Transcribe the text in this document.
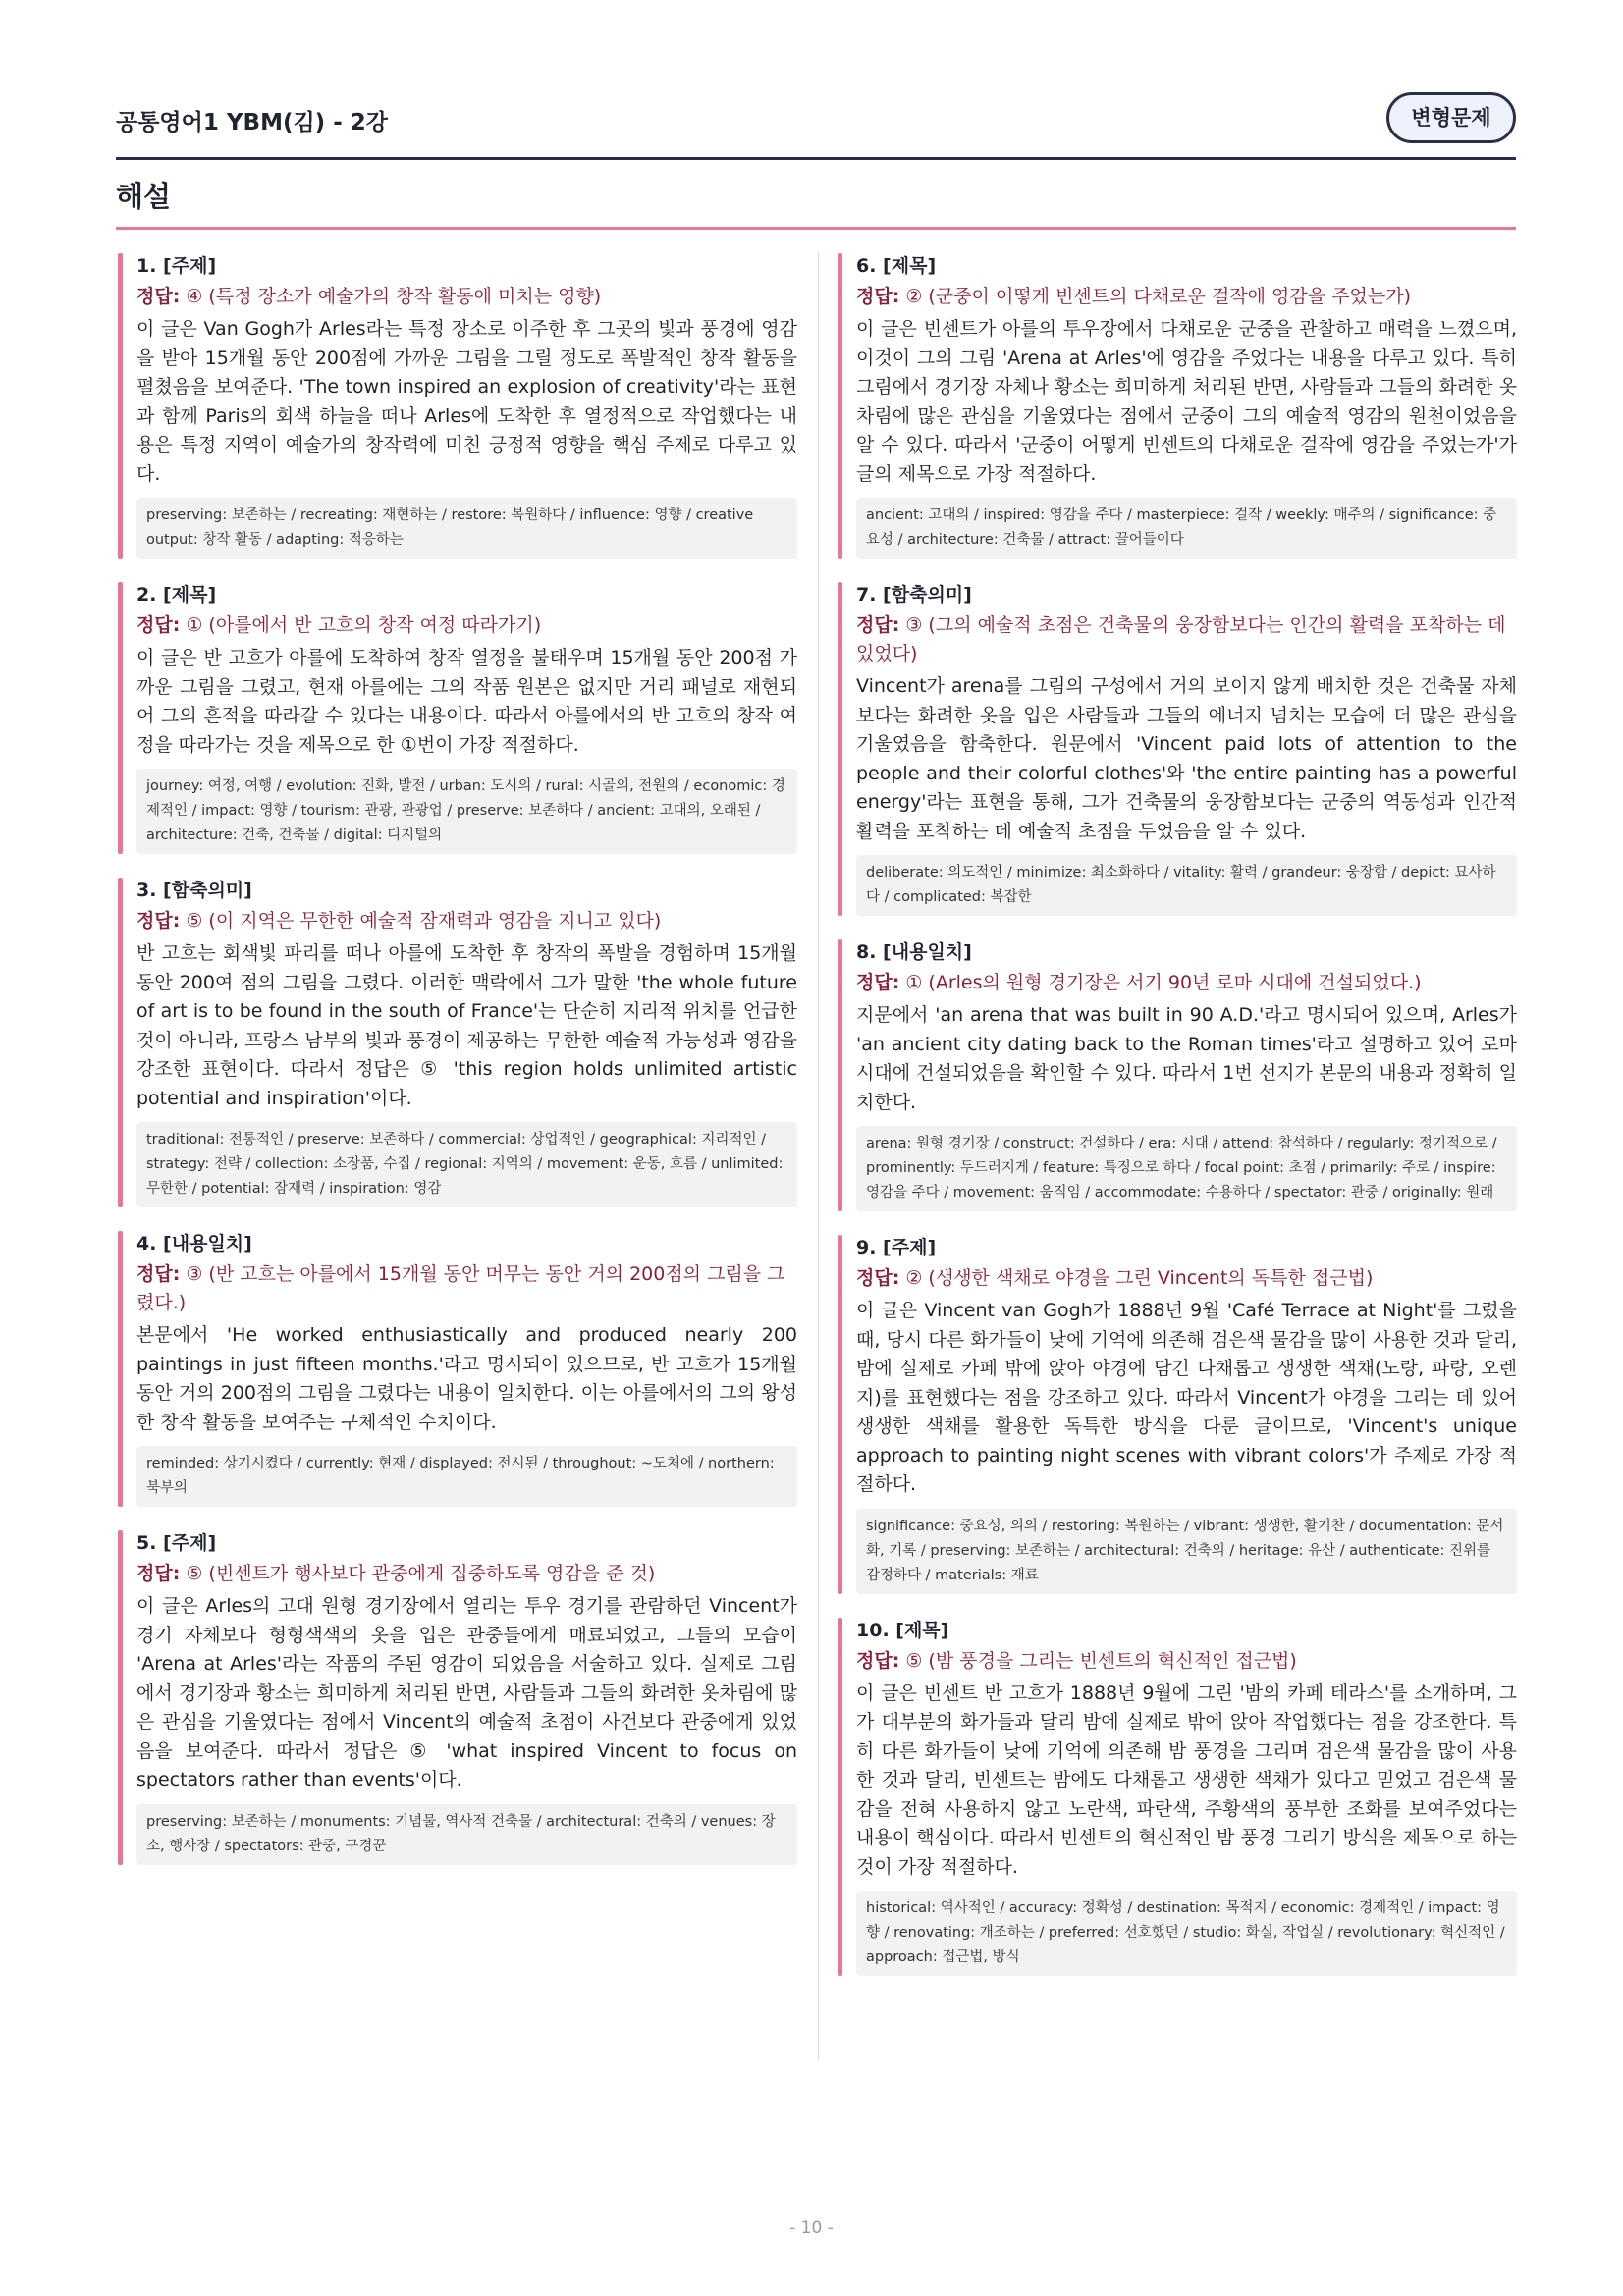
공통영어1 YBM(김) - 2강	변형문제
해설
1. [주제]
정답: ④ (특정 장소가 예술가의 창작 활동에 미치는 영향)
이 글은 Van Gogh가 Arles라는 특정 장소로 이주한 후 그곳의 빛과 풍경에 영감을 받아 15개월 동안 200점에 가까운 그림을 그릴 정도로 폭발적인 창작 활동을 펼쳤음을 보여준다. 'The town inspired an explosion of creativity'라는 표현과 함께 Paris의 회색 하늘을 떠나 Arles에 도착한 후 열정적으로 작업했다는 내용은 특정 지역이 예술가의 창작력에 미친 긍정적 영향을 핵심 주제로 다루고 있다.
preserving: 보존하는 / recreating: 재현하는 / restore: 복원하다 / influence: 영향 / creative output: 창작 활동 / adapting: 적응하는
2. [제목]
정답: ① (아를에서 반 고흐의 창작 여정 따라가기)
이 글은 반 고흐가 아를에 도착하여 창작 열정을 불태우며 15개월 동안 200점 가까운 그림을 그렸고, 현재 아를에는 그의 작품 원본은 없지만 거리 패널로 재현되어 그의 흔적을 따라갈 수 있다는 내용이다. 따라서 아를에서의 반 고흐의 창작 여정을 따라가는 것을 제목으로 한 ①번이 가장 적절하다.
journey: 여정, 여행 / evolution: 진화, 발전 / urban: 도시의 / rural: 시골의, 전원의 / economic: 경제적인 / impact: 영향 / tourism: 관광, 관광업 / preserve: 보존하다 / ancient: 고대의, 오래된 / architecture: 건축, 건축물 / digital: 디지털의
3. [함축의미]
정답: ⑤ (이 지역은 무한한 예술적 잠재력과 영감을 지니고 있다)
반 고흐는 회색빛 파리를 떠나 아를에 도착한 후 창작의 폭발을 경험하며 15개월 동안 200여 점의 그림을 그렸다. 이러한 맥락에서 그가 말한 'the whole future of art is to be found in the south of France'는 단순히 지리적 위치를 언급한 것이 아니라, 프랑스 남부의 빛과 풍경이 제공하는 무한한 예술적 가능성과 영감을 강조한 표현이다. 따라서 정답은 ⑤ 'this region holds unlimited artistic potential and inspiration'이다.
traditional: 전통적인 / preserve: 보존하다 / commercial: 상업적인 / geographical: 지리적인 / strategy: 전략 / collection: 소장품, 수집 / regional: 지역의 / movement: 운동, 흐름 / unlimited: 무한한 / potential: 잠재력 / inspiration: 영감
4. [내용일치]
정답: ③ (반 고흐는 아를에서 15개월 동안 머무는 동안 거의 200점의 그림을 그렸다.)
본문에서 'He worked enthusiastically and produced nearly 200 paintings in just fifteen months.'라고 명시되어 있으므로, 반 고흐가 15개월 동안 거의 200점의 그림을 그렸다는 내용이 일치한다. 이는 아를에서의 그의 왕성한 창작 활동을 보여주는 구체적인 수치이다.
reminded: 상기시켰다 / currently: 현재 / displayed: 전시된 / throughout: ~도처에 / northern: 북부의
5. [주제]
정답: ⑤ (빈센트가 행사보다 관중에게 집중하도록 영감을 준 것)
이 글은 Arles의 고대 원형 경기장에서 열리는 투우 경기를 관람하던 Vincent가 경기 자체보다 형형색색의 옷을 입은 관중들에게 매료되었고, 그들의 모습이 'Arena at Arles'라는 작품의 주된 영감이 되었음을 서술하고 있다. 실제로 그림에서 경기장과 황소는 희미하게 처리된 반면, 사람들과 그들의 화려한 옷차림에 많은 관심을 기울였다는 점에서 Vincent의 예술적 초점이 사건보다 관중에게 있었음을 보여준다. 따라서 정답은 ⑤ 'what inspired Vincent to focus on spectators rather than events'이다.
preserving: 보존하는 / monuments: 기념물, 역사적 건축물 / architectural: 건축의 / venues: 장소, 행사장 / spectators: 관중, 구경꾼
6. [제목]
정답: ② (군중이 어떻게 빈센트의 다채로운 걸작에 영감을 주었는가)
이 글은 빈센트가 아를의 투우장에서 다채로운 군중을 관찰하고 매력을 느꼈으며, 이것이 그의 그림 'Arena at Arles'에 영감을 주었다는 내용을 다루고 있다. 특히 그림에서 경기장 자체나 황소는 희미하게 처리된 반면, 사람들과 그들의 화려한 옷차림에 많은 관심을 기울였다는 점에서 군중이 그의 예술적 영감의 원천이었음을 알 수 있다. 따라서 '군중이 어떻게 빈센트의 다채로운 걸작에 영감을 주었는가'가 글의 제목으로 가장 적절하다.
ancient: 고대의 / inspired: 영감을 주다 / masterpiece: 걸작 / weekly: 매주의 / significance: 중요성 / architecture: 건축물 / attract: 끌어들이다
7. [함축의미]
정답: ③ (그의 예술적 초점은 건축물의 웅장함보다는 인간의 활력을 포착하는 데 있었다)
Vincent가 arena를 그림의 구성에서 거의 보이지 않게 배치한 것은 건축물 자체보다는 화려한 옷을 입은 사람들과 그들의 에너지 넘치는 모습에 더 많은 관심을 기울였음을 함축한다. 원문에서 'Vincent paid lots of attention to the people and their colorful clothes'와 'the entire painting has a powerful energy'라는 표현을 통해, 그가 건축물의 웅장함보다는 군중의 역동성과 인간적 활력을 포착하는 데 예술적 초점을 두었음을 알 수 있다.
deliberate: 의도적인 / minimize: 최소화하다 / vitality: 활력 / grandeur: 웅장함 / depict: 묘사하다 / complicated: 복잡한
8. [내용일치]
정답: ① (Arles의 원형 경기장은 서기 90년 로마 시대에 건설되었다.)
지문에서 'an arena that was built in 90 A.D.'라고 명시되어 있으며, Arles가 'an ancient city dating back to the Roman times'라고 설명하고 있어 로마 시대에 건설되었음을 확인할 수 있다. 따라서 1번 선지가 본문의 내용과 정확히 일치한다.
arena: 원형 경기장 / construct: 건설하다 / era: 시대 / attend: 참석하다 / regularly: 정기적으로 / prominently: 두드러지게 / feature: 특징으로 하다 / focal point: 초점 / primarily: 주로 / inspire: 영감을 주다 / movement: 움직임 / accommodate: 수용하다 / spectator: 관중 / originally: 원래
9. [주제]
정답: ② (생생한 색채로 야경을 그린 Vincent의 독특한 접근법)
이 글은 Vincent van Gogh가 1888년 9월 'Café Terrace at Night'를 그렸을 때, 당시 다른 화가들이 낮에 기억에 의존해 검은색 물감을 많이 사용한 것과 달리, 밤에 실제로 카페 밖에 앉아 야경에 담긴 다채롭고 생생한 색채(노랑, 파랑, 오렌지)를 표현했다는 점을 강조하고 있다. 따라서 Vincent가 야경을 그리는 데 있어 생생한 색채를 활용한 독특한 방식을 다룬 글이므로, 'Vincent's unique approach to painting night scenes with vibrant colors'가 주제로 가장 적절하다.
significance: 중요성, 의의 / restoring: 복원하는 / vibrant: 생생한, 활기찬 / documentation: 문서화, 기록 / preserving: 보존하는 / architectural: 건축의 / heritage: 유산 / authenticate: 진위를 감정하다 / materials: 재료
10. [제목]
정답: ⑤ (밤 풍경을 그리는 빈센트의 혁신적인 접근법)
이 글은 빈센트 반 고흐가 1888년 9월에 그린 '밤의 카페 테라스'를 소개하며, 그가 대부분의 화가들과 달리 밤에 실제로 밖에 앉아 작업했다는 점을 강조한다. 특히 다른 화가들이 낮에 기억에 의존해 밤 풍경을 그리며 검은색 물감을 많이 사용한 것과 달리, 빈센트는 밤에도 다채롭고 생생한 색채가 있다고 믿었고 검은색 물감을 전혀 사용하지 않고 노란색, 파란색, 주황색의 풍부한 조화를 보여주었다는 내용이 핵심이다. 따라서 빈센트의 혁신적인 밤 풍경 그리기 방식을 제목으로 하는 것이 가장 적절하다.
historical: 역사적인 / accuracy: 정확성 / destination: 목적지 / economic: 경제적인 / impact: 영향 / renovating: 개조하는 / preferred: 선호했던 / studio: 화실, 작업실 / revolutionary: 혁신적인 / approach: 접근법, 방식
- 10 -
